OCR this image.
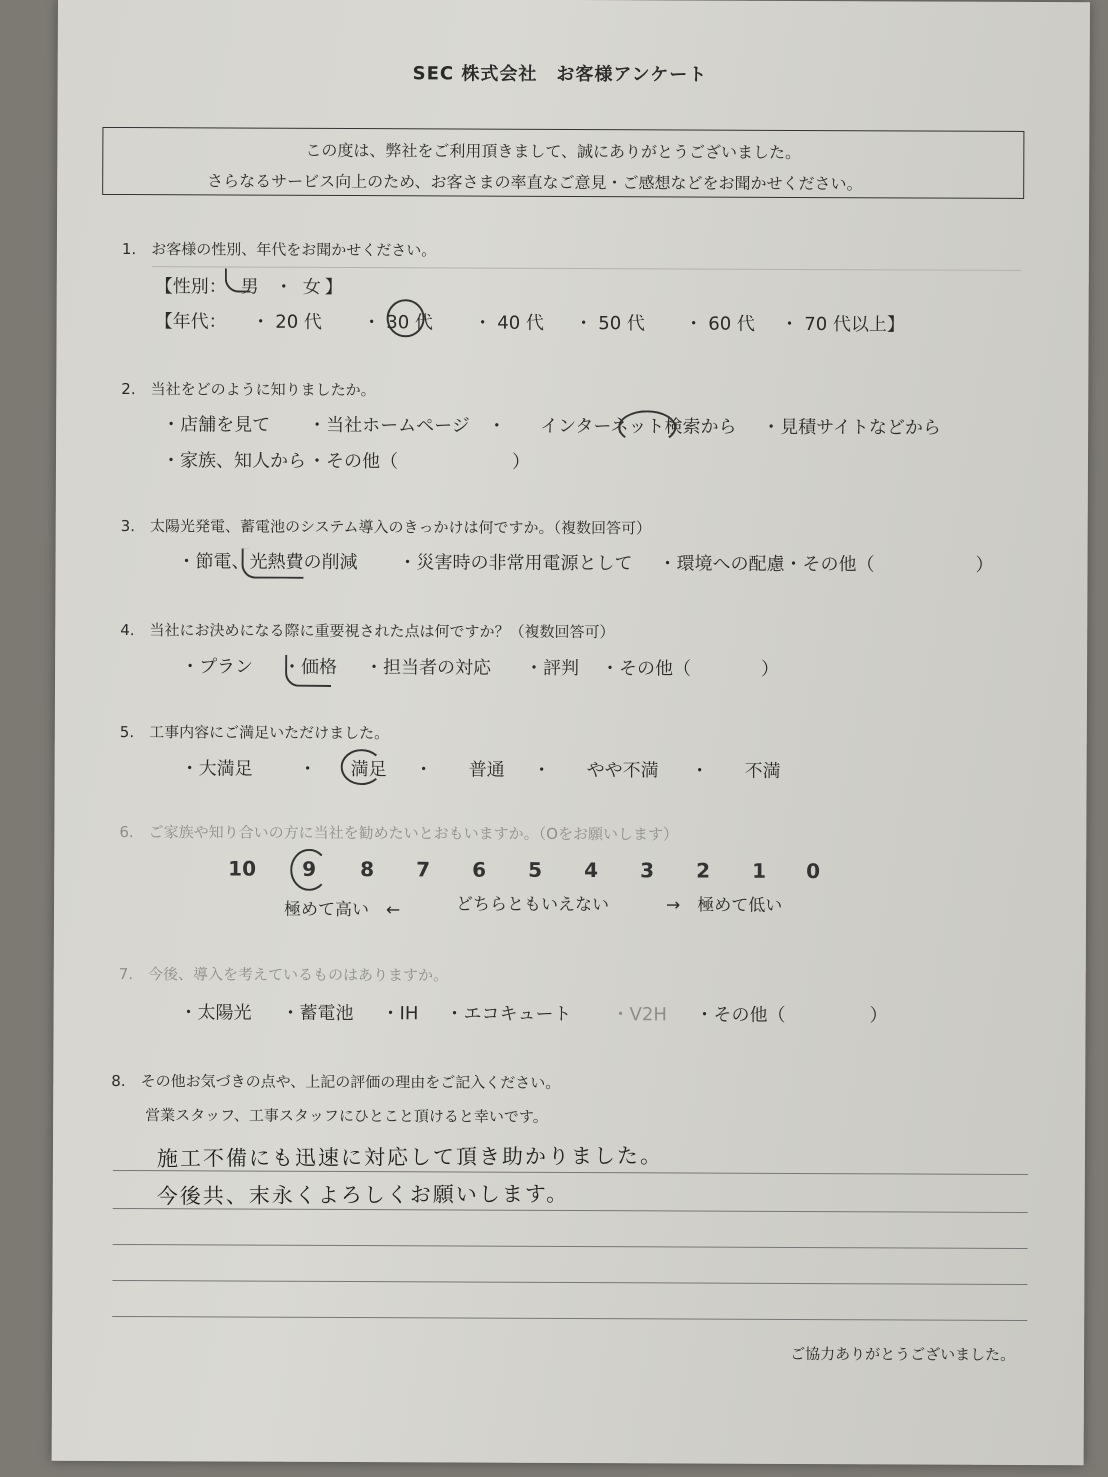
SEC 株式会社　お客様アンケート
この度は、弊社をご利用頂きまして、誠にありがとうございました。
さらなるサービス向上のため、お客さまの率直なご意見・ご感想などをお聞かせください。
1.　お客様の性別、年代をお聞かせください。
【性別： 男 ・ 女 】
【年代： ・ 20 代 ・ 30 代 ・ 40 代 ・ 50 代 ・ 60 代 ・ 70 代以上】
2.　当社をどのように知りましたか。
・店舗を見て ・当社ホームページ　・ インターネット検索から ・見積サイトなどから
・家族、知人から ・その他（	）
3.　太陽光発電、蓄電池のシステム導入のきっかけは何ですか。（複数回答可）
・節電、光熱費の削減 ・災害時の非常用電源として ・環境への配慮・その他（	）
4.　当社にお決めになる際に重要視された点は何ですか？（複数回答可）
・プラン ・価格 ・担当者の対応 ・評判 ・その他（	）
5.　工事内容にご満足いただけました。
・大満足	・ 満足 ・ 普通 ・ やや不満 ・ 不満
6.　ご家族や知り合いの方に当社を勧めたいとおもいますか。（Oをお願いします）
10 9 8 7 6 5 4 3 2 1 0
極めて高い　←	どちらともいえない	→　極めて低い
7.　今後、導入を考えているものはありますか。
・太陽光 ・蓄電池 ・IH ・エコキュート ・V2H ・その他（	）
8.　その他お気づきの点や、上記の評価の理由をご記入ください。
営業スタッフ、工事スタッフにひとこと頂けると幸いです。
施工不備にも迅速に対応して頂き助かりました。
今後共、末永くよろしくお願いします。
ご協力ありがとうございました。
